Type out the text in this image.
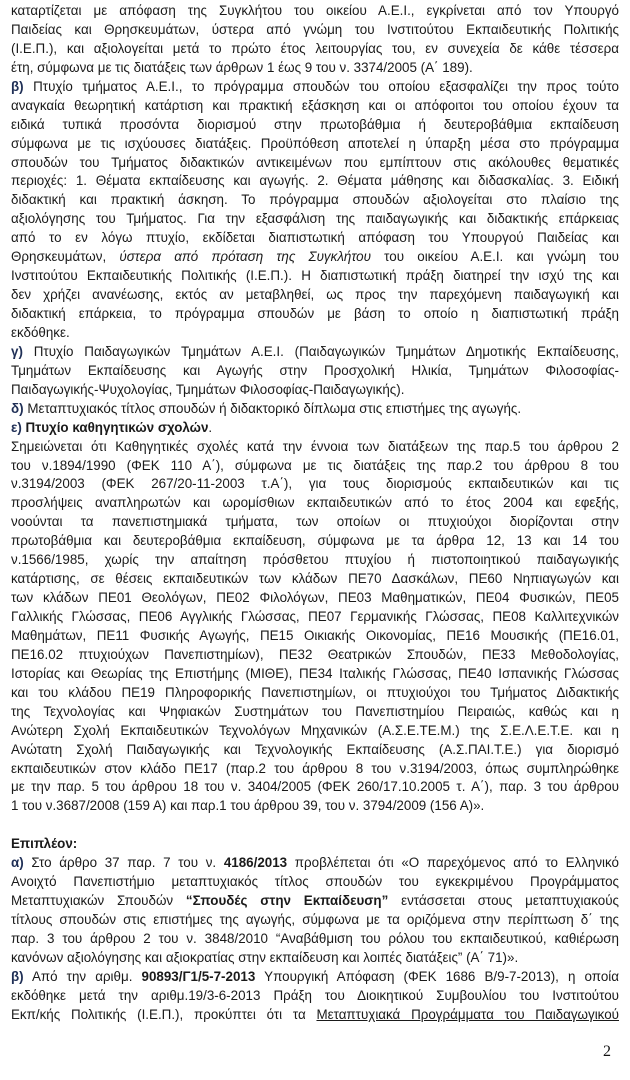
καταρτίζεται με απόφαση της Συγκλήτου του οικείου Α.Ε.Ι., εγκρίνεται από τον Υπουργό
Παιδείας και Θρησκευμάτων, ύστερα από γνώμη του Ινστιτούτου Εκπαιδευτικής Πολιτικής
(Ι.Ε.Π.), και αξιολογείται μετά το πρώτο έτος λειτουργίας του, εν συνεχεία δε κάθε τέσσερα
έτη, σύμφωνα με τις διατάξεις των άρθρων 1 έως 9 του ν. 3374/2005 (Α΄ 189).
β) Πτυχίο τμήματος Α.Ε.Ι., το πρόγραμμα σπουδών του οποίου εξασφαλίζει την προς τούτο
αναγκαία θεωρητική κατάρτιση και πρακτική εξάσκηση και οι απόφοιτοι του οποίου έχουν τα
ειδικά τυπικά προσόντα διορισμού στην πρωτοβάθμια ή δευτεροβάθμια εκπαίδευση
σύμφωνα με τις ισχύουσες διατάξεις. Προϋπόθεση αποτελεί η ύπαρξη μέσα στο πρόγραμμα
σπουδών του Τμήματος διδακτικών αντικειμένων που εμπίπτουν στις ακόλουθες θεματικές
περιοχές: 1. Θέματα εκπαίδευσης και αγωγής. 2. Θέματα μάθησης και διδασκαλίας. 3. Ειδική
διδακτική και πρακτική άσκηση. Το πρόγραμμα σπουδών αξιολογείται στο πλαίσιο της
αξιολόγησης του Τμήματος. Για την εξασφάλιση της παιδαγωγικής και διδακτικής επάρκειας
από το εν λόγω πτυχίο, εκδίδεται διαπιστωτική απόφαση του Υπουργού Παιδείας και
Θρησκευμάτων, ύστερα από πρόταση της Συγκλήτου του οικείου Α.Ε.Ι. και γνώμη του
Ινστιτούτου Εκπαιδευτικής Πολιτικής (Ι.Ε.Π.). Η διαπιστωτική πράξη διατηρεί την ισχύ της και
δεν χρήζει ανανέωσης, εκτός αν μεταβληθεί, ως προς την παρεχόμενη παιδαγωγική και
διδακτική επάρκεια, το πρόγραμμα σπουδών με βάση το οποίο η διαπιστωτική πράξη
εκδόθηκε.
γ) Πτυχίο Παιδαγωγικών Τμημάτων Α.Ε.Ι. (Παιδαγωγικών Τμημάτων Δημοτικής Εκπαίδευσης,
Τμημάτων Εκπαίδευσης και Αγωγής στην Προσχολική Ηλικία, Τμημάτων Φιλοσοφίας-
Παιδαγωγικής-Ψυχολογίας, Τμημάτων Φιλοσοφίας-Παιδαγωγικής).
δ) Μεταπτυχιακός τίτλος σπουδών ή διδακτορικό δίπλωμα στις επιστήμες της αγωγής.
ε) Πτυχίο καθηγητικών σχολών.
Σημειώνεται ότι Καθηγητικές σχολές κατά την έννοια των διατάξεων της παρ.5 του άρθρου 2
του ν.1894/1990 (ΦΕΚ 110 Α΄), σύμφωνα με τις διατάξεις της παρ.2 του άρθρου 8 του
ν.3194/2003 (ΦΕΚ 267/20-11-2003 τ.Α΄), για τους διορισμούς εκπαιδευτικών και τις
προσλήψεις αναπληρωτών και ωρομίσθιων εκπαιδευτικών από το έτος 2004 και εφεξής,
νοούνται τα πανεπιστημιακά τμήματα, των οποίων οι πτυχιούχοι διορίζονται στην
πρωτοβάθμια και δευτεροβάθμια εκπαίδευση, σύμφωνα με τα άρθρα 12, 13 και 14 του
ν.1566/1985, χωρίς την απαίτηση πρόσθετου πτυχίου ή πιστοποιητικού παιδαγωγικής
κατάρτισης, σε θέσεις εκπαιδευτικών των κλάδων ΠΕ70 Δασκάλων, ΠΕ60 Νηπιαγωγών και
των κλάδων ΠΕ01 Θεολόγων, ΠΕ02 Φιλολόγων, ΠΕ03 Μαθηματικών, ΠΕ04 Φυσικών, ΠΕ05
Γαλλικής Γλώσσας, ΠΕ06 Αγγλικής Γλώσσας, ΠΕ07 Γερμανικής Γλώσσας, ΠΕ08 Καλλιτεχνικών
Μαθημάτων, ΠΕ11 Φυσικής Αγωγής, ΠΕ15 Οικιακής Οικονομίας, ΠΕ16 Μουσικής (ΠΕ16.01,
ΠΕ16.02 πτυχιούχων Πανεπιστημίων), ΠΕ32 Θεατρικών Σπουδών, ΠΕ33 Μεθοδολογίας,
Ιστορίας και Θεωρίας της Επιστήμης (ΜΙΘΕ), ΠΕ34 Ιταλικής Γλώσσας, ΠΕ40 Ισπανικής Γλώσσας
και του κλάδου ΠΕ19 Πληροφορικής Πανεπιστημίων, οι πτυχιούχοι του Τμήματος Διδακτικής
της Τεχνολογίας και Ψηφιακών Συστημάτων του Πανεπιστημίου Πειραιώς, καθώς και η
Ανώτερη Σχολή Εκπαιδευτικών Τεχνολόγων Μηχανικών (Α.Σ.Ε.ΤΕ.Μ.) της Σ.Ε.Λ.Ε.Τ.Ε. και η
Ανώτατη Σχολή Παιδαγωγικής και Τεχνολογικής Εκπαίδευσης (Α.Σ.ΠΑΙ.Τ.Ε.) για διορισμό
εκπαιδευτικών στον κλάδο ΠΕ17 (παρ.2 του άρθρου 8 του ν.3194/2003, όπως συμπληρώθηκε
με την παρ. 5 του άρθρου 18 του ν. 3404/2005 (ΦΕΚ 260/17.10.2005 τ. Α΄), παρ. 3 του άρθρου
1 του ν.3687/2008 (159 Α) και παρ.1 του άρθρου 39, του ν. 3794/2009 (156 Α)».
Επιπλέον:
α) Στο άρθρο 37 παρ. 7 του ν. 4186/2013 προβλέπεται ότι «Ο παρεχόμενος από το Ελληνικό
Ανοιχτό Πανεπιστήμιο μεταπτυχιακός τίτλος σπουδών του εγκεκριμένου Προγράμματος
Μεταπτυχιακών Σπουδών “Σπουδές στην Εκπαίδευση” εντάσσεται στους μεταπτυχιακούς
τίτλους σπουδών στις επιστήμες της αγωγής, σύμφωνα με τα οριζόμενα στην περίπτωση δ΄ της
παρ. 3 του άρθρου 2 του ν. 3848/2010 “Αναβάθμιση του ρόλου του εκπαιδευτικού, καθιέρωση
κανόνων αξιολόγησης και αξιοκρατίας στην εκπαίδευση και λοιπές διατάξεις” (Α΄ 71)».
β) Από την αριθμ. 90893/Γ1/5-7-2013 Υπουργική Απόφαση (ΦΕΚ 1686 Β/9-7-2013), η οποία
εκδόθηκε μετά την αριθμ.19/3-6-2013 Πράξη του Διοικητικού Συμβουλίου του Ινστιτούτου
Εκπ/κής Πολιτικής (Ι.Ε.Π.), προκύπτει ότι τα Μεταπτυχιακά Προγράμματα του Παιδαγωγικού
2
